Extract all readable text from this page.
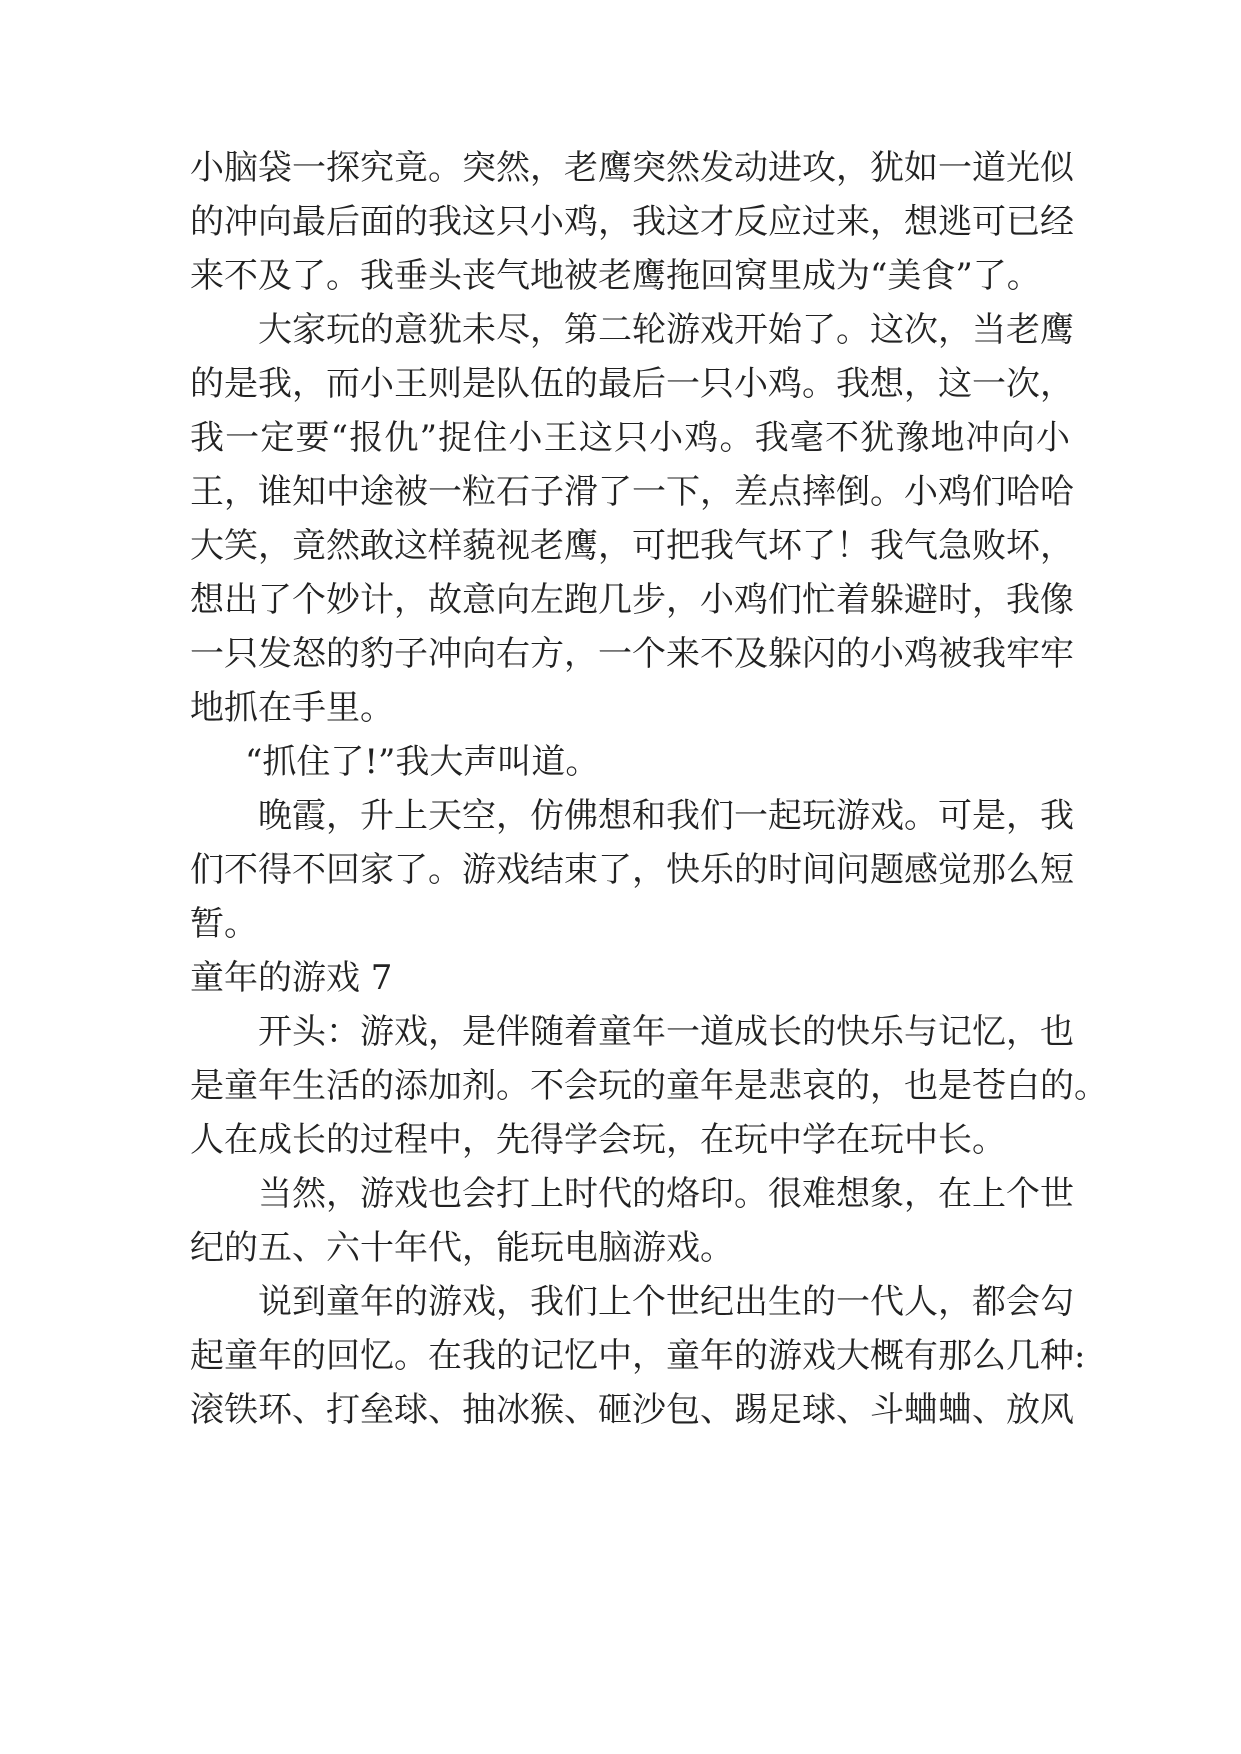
小脑袋一探究竟。突然，老鹰突然发动进攻，犹如一道光似
的冲向最后面的我这只小鸡，我这才反应过来，想逃可已经
来不及了。我垂头丧气地被老鹰拖回窝里成为“美食”了。
大家玩的意犹未尽，第二轮游戏开始了。这次，当老鹰
的是我，而小王则是队伍的最后一只小鸡。我想，这一次，
我一定要“报仇”捉住小王这只小鸡。我毫不犹豫地冲向小
王，谁知中途被一粒石子滑了一下，差点摔倒。小鸡们哈哈
大笑，竟然敢这样藐视老鹰，可把我气坏了！我气急败坏，
想出了个妙计，故意向左跑几步，小鸡们忙着躲避时，我像
一只发怒的豹子冲向右方，一个来不及躲闪的小鸡被我牢牢
地抓在手里。
“抓住了!”我大声叫道。
晚霞，升上天空，仿佛想和我们一起玩游戏。可是，我
们不得不回家了。游戏结束了，快乐的时间问题感觉那么短
暂。
童年的游戏 7
开头：游戏，是伴随着童年一道成长的快乐与记忆，也
是童年生活的添加剂。不会玩的童年是悲哀的，也是苍白的。
人在成长的过程中，先得学会玩，在玩中学在玩中长。
当然，游戏也会打上时代的烙印。很难想象，在上个世
纪的五、六十年代，能玩电脑游戏。
说到童年的游戏，我们上个世纪出生的一代人，都会勾
起童年的回忆。在我的记忆中，童年的游戏大概有那么几种:
滚铁环、打垒球、抽冰猴、砸沙包、踢足球、斗蛐蛐、放风
